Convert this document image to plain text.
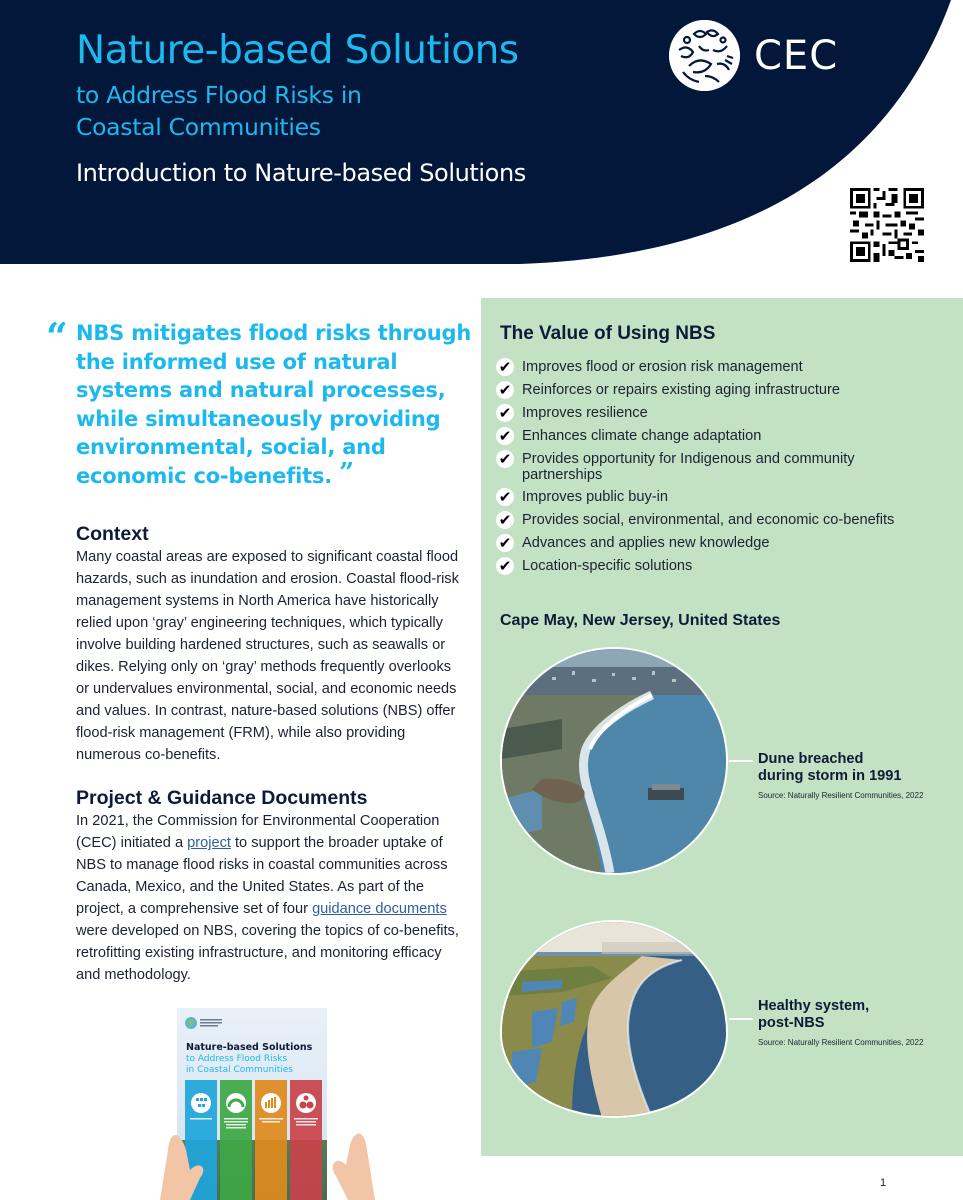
Nature-based Solutions
to Address Flood Risks in
Coastal Communities
Introduction to Nature-based Solutions
CEC
“ NBS mitigates flood risks through the informed use of natural systems and natural processes, while simultaneously providing environmental, social, and economic co-benefits. ”
Context

Many coastal areas are exposed to significant coastal flood hazards, such as inundation and erosion. Coastal flood-risk management systems in North America have historically relied upon ‘gray’ engineering techniques, which typically involve building hardened structures, such as seawalls or dikes. Relying only on ‘gray’ methods frequently overlooks or undervalues environmental, social, and economic needs and values. In contrast, nature-based solutions (NBS) offer flood-risk management (FRM), while also providing numerous co-benefits.

Project & Guidance Documents

In 2021, the Commission for Environmental Cooperation (CEC) initiated a project to support the broader uptake of NBS to manage flood risks in coastal communities across Canada, Mexico, and the United States. As part of the project, a comprehensive set of four guidance documents were developed on NBS, covering the topics of co-benefits, retrofitting existing infrastructure, and monitoring efficacy and methodology.

Nature-based Solutions
to Address Flood Risks
in Coastal Communities
The Value of Using NBS
✔ Improves flood or erosion risk management
✔ Reinforces or repairs existing aging infrastructure
✔ Improves resilience
✔ Enhances climate change adaptation
✔ Provides opportunity for Indigenous and community partnerships
✔ Improves public buy-in
✔ Provides social, environmental, and economic co-benefits
✔ Advances and applies new knowledge
✔ Location-specific solutions
Cape May, New Jersey, United States
Dune breached
during storm in 1991
Source: Naturally Resilient Communities, 2022
Healthy system,
post-NBS
Source: Naturally Resilient Communities, 2022
1
